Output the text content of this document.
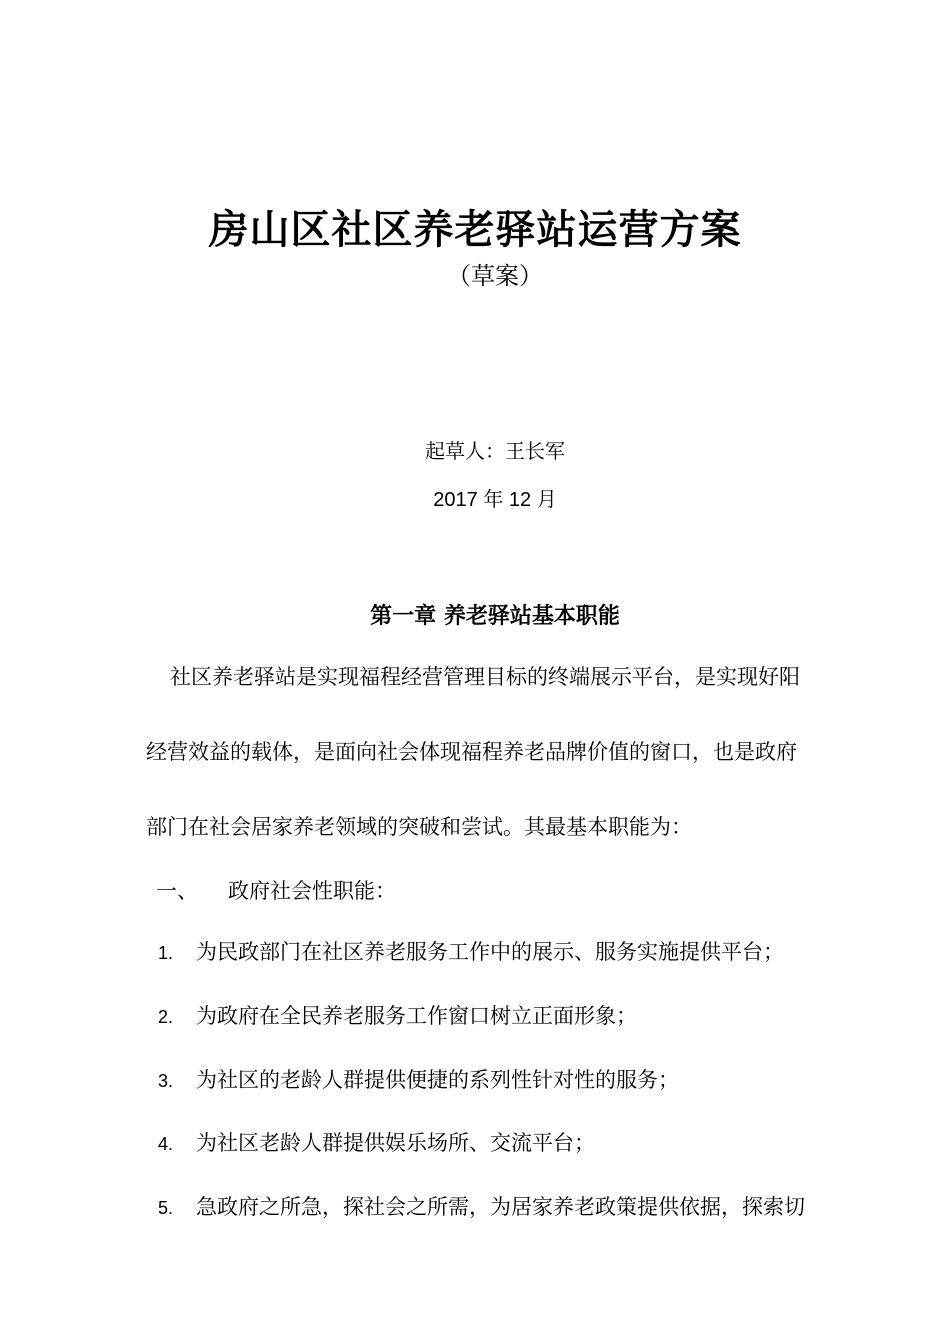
房山区社区养老驿站运营方案
（草案）
起草人：王长军
2017 年 12 月
第一章 养老驿站基本职能
社区养老驿站是实现福程经营管理目标的终端展示平台，是实现好阳
经营效益的载体，是面向社会体现福程养老品牌价值的窗口，也是政府
部门在社会居家养老领域的突破和尝试。其最基本职能为：
一、 政府社会性职能：
1. 为民政部门在社区养老服务工作中的展示、服务实施提供平台；
2. 为政府在全民养老服务工作窗口树立正面形象；
3. 为社区的老龄人群提供便捷的系列性针对性的服务；
4. 为社区老龄人群提供娱乐场所、交流平台；
5. 急政府之所急，探社会之所需，为居家养老政策提供依据，探索切
